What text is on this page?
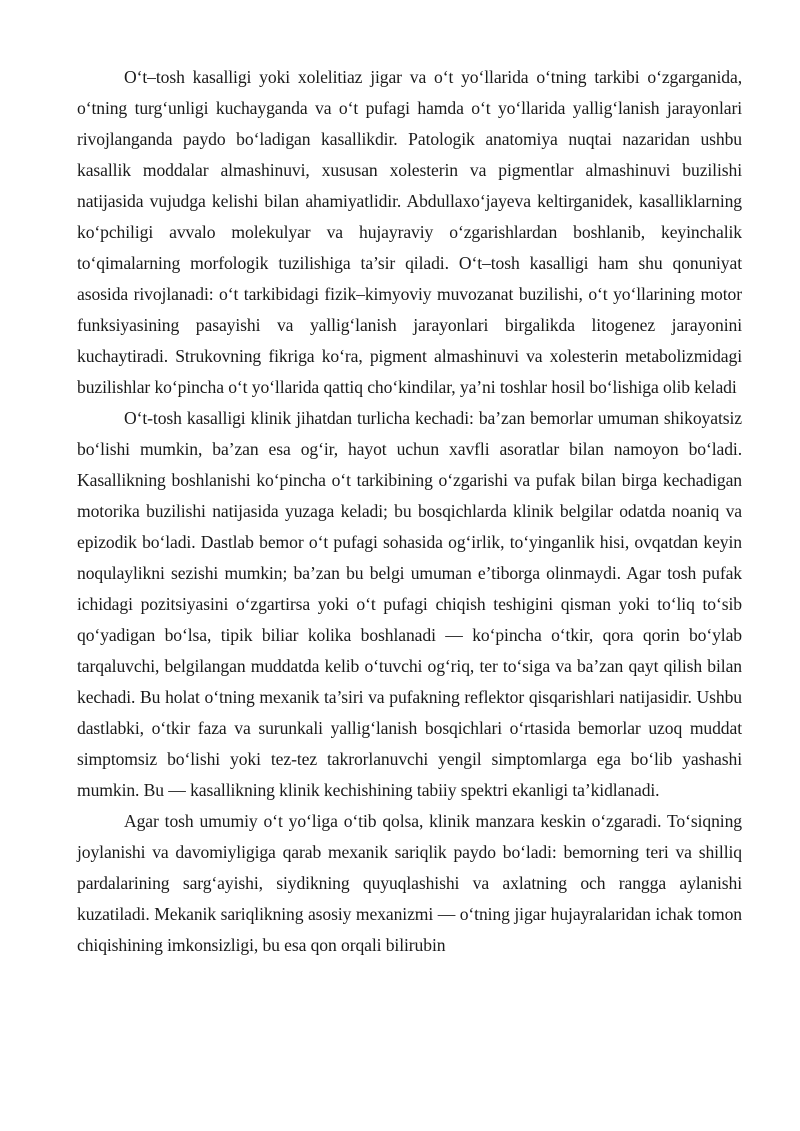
O‘t–tosh kasalligi yoki xolelitiaz jigar va o‘t yo‘llarida o‘tning tarkibi o‘zgarganida, o‘tning turg‘unligi kuchayganda va o‘t pufagi hamda o‘t yo‘llarida yallig‘lanish jarayonlari rivojlanganda paydo bo‘ladigan kasallikdir. Patologik anatomiya nuqtai nazaridan ushbu kasallik moddalar almashinuvi, xususan xolesterin va pigmentlar almashinuvi buzilishi natijasida vujudga kelishi bilan ahamiyatlidir. Abdullaxo‘jayeva keltirganidek, kasalliklarning ko‘pchiligi avvalo molekulyar va hujayraviy o‘zgarishlardan boshlanib, keyinchalik to‘qimalarning morfologik tuzilishiga ta’sir qiladi. O‘t–tosh kasalligi ham shu qonuniyat asosida rivojlanadi: o‘t tarkibidagi fizik–kimyoviy muvozanat buzilishi, o‘t yo‘llarining motor funksiyasining pasayishi va yallig‘lanish jarayonlari birgalikda litogenez jarayonini kuchaytiradi. Strukovning fikriga ko‘ra, pigment almashinuvi va xolesterin metabolizmidagi buzilishlar ko‘pincha o‘t yo‘llarida qattiq cho‘kindilar, ya’ni toshlar hosil bo‘lishiga olib keladi

O‘t-tosh kasalligi klinik jihatdan turlicha kechadi: ba’zan bemorlar umuman shikoyatsiz bo‘lishi mumkin, ba’zan esa og‘ir, hayot uchun xavfli asoratlar bilan namoyon bo‘ladi. Kasallikning boshlanishi ko‘pincha o‘t tarkibining o‘zgarishi va pufak bilan birga kechadigan motorika buzilishi natijasida yuzaga keladi; bu bosqichlarda klinik belgilar odatda noaniq va epizodik bo‘ladi. Dastlab bemor o‘t pufagi sohasida og‘irlik, to‘yinganlik hisi, ovqatdan keyin noqulaylikni sezishi mumkin; ba’zan bu belgi umuman e’tiborga olinmaydi. Agar tosh pufak ichidagi pozitsiyasini o‘zgartirsa yoki o‘t pufagi chiqish teshigini qisman yoki to‘liq to‘sib qo‘yadigan bo‘lsa, tipik biliar kolika boshlanadi — ko‘pincha o‘tkir, qora qorin bo‘ylab tarqaluvchi, belgilangan muddatda kelib o‘tuvchi og‘riq, ter to‘siga va ba’zan qayt qilish bilan kechadi. Bu holat o‘tning mexanik ta’siri va pufakning reflektor qisqarishlari natijasidir. Ushbu dastlabki, o‘tkir faza va surunkali yallig‘lanish bosqichlari o‘rtasida bemorlar uzoq muddat simptomsiz bo‘lishi yoki tez-tez takrorlanuvchi yengil simptomlarga ega bo‘lib yashashi mumkin. Bu — kasallikning klinik kechishining tabiiy spektri ekanligi ta’kidlanadi.

Agar tosh umumiy o‘t yo‘liga o‘tib qolsa, klinik manzara keskin o‘zgaradi. To‘siqning joylanishi va davomiyligiga qarab mexanik sariqlik paydo bo‘ladi: bemorning teri va shilliq pardalarining sarg‘ayishi, siydikning quyuqlashishi va axlatning och rangga aylanishi kuzatiladi. Mekanik sariqlikning asosiy mexanizmi — o‘tning jigar hujayralaridan ichak tomon chiqishining imkonsizligi, bu esa qon orqali bilirubin
